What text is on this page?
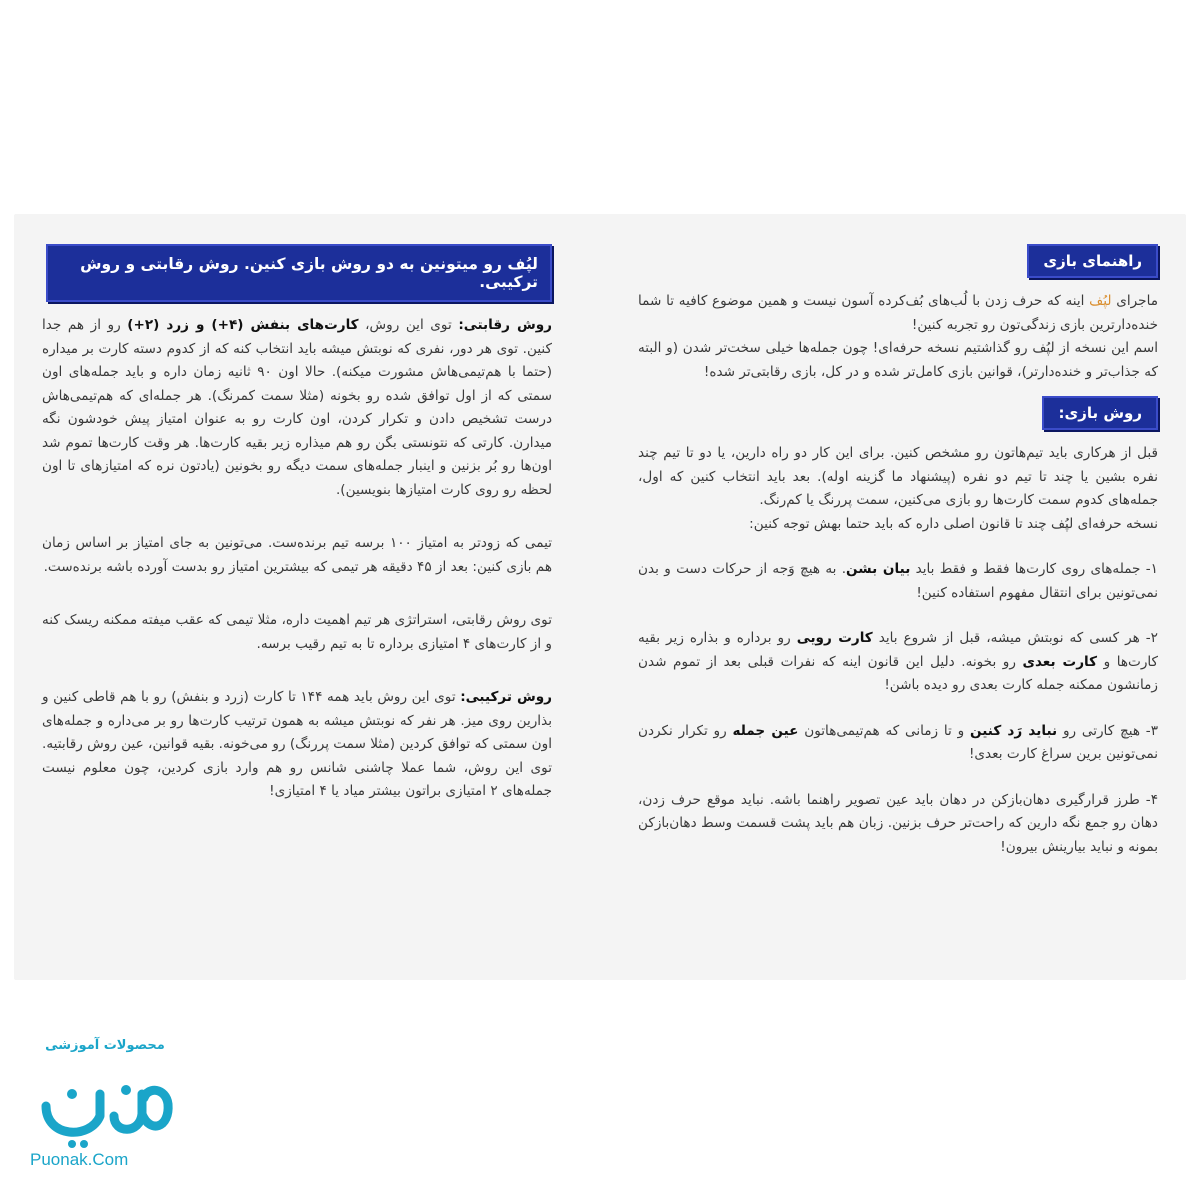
راهنمای بازی

ماجرای لپُف اینه که حرف زدن با لُب‌های بُف‌کرده آسون نیست و همین موضوع کافیه تا شما خنده‌دارترین بازی زندگی‌تون رو تجربه کنین!

اسم این نسخه از لپُف رو گذاشتیم نسخه حرفه‌ای! چون جمله‌ها خیلی سخت‌تر شدن (و البته که جذاب‌تر و خنده‌دارتر)، قوانین بازی کامل‌تر شده و در کل، بازی رقابتی‌تر شده!

روش بازی:

قبل از هرکاری باید تیم‌هاتون رو مشخص کنین. برای این کار دو راه دارین، یا دو تا تیم چند نفره بشین یا چند تا تیم دو نفره (پیشنهاد ما گزینه اوله). بعد باید انتخاب کنین که اول، جمله‌های کدوم سمت کارت‌ها رو بازی می‌کنین، سمت پررنگ یا کم‌رنگ.

نسخه حرفه‌ای لپُف چند تا قانون اصلی داره که باید حتما بهش توجه کنین:

۱- جمله‌های روی کارت‌ها فقط و فقط باید بیان بشن. به هیچ وَجه از حرکات دست و بدن نمی‌تونین برای انتقال مفهوم استفاده کنین!

۲- هر کسی که نوبتش میشه، قبل از شروع باید کارت رویی رو برداره و بذاره زیر بقیه کارت‌ها و کارت بعدی رو بخونه. دلیل این قانون اینه که نفرات قبلی بعد از تموم شدن زمانشون ممکنه جمله کارت بعدی رو دیده باشن!

۳- هیچ کارتی رو نباید رَد کنین و تا زمانی که هم‌تیمی‌هاتون عین جمله رو تکرار نکردن نمی‌تونین برین سراغ کارت بعدی!

۴- طرز قرارگیری دهان‌بازکن در دهان باید عین تصویر راهنما باشه. نباید موقع حرف زدن، دهان رو جمع نگه دارین که راحت‌تر حرف بزنین. زبان هم باید پشت قسمت وسط دهان‌بازکن بمونه و نباید بیارینش بیرون!

لپُف رو میتونین به دو روش بازی کنین. روش رقابتی و روش ترکیبی.

روش رقابتی: توی این روش، کارت‌های بنفش (۴+) و زرد (۲+) رو از هم جدا کنین. توی هر دور، نفری که نوبتش میشه باید انتخاب کنه که از کدوم دسته کارت بر میداره (حتما با هم‌تیمی‌هاش مشورت میکنه). حالا اون ۹۰ ثانیه زمان داره و باید جمله‌های اون سمتی که از اول توافق شده رو بخونه (مثلا سمت کمرنگ). هر جمله‌ای که هم‌تیمی‌هاش درست تشخیص دادن و تکرار کردن، اون کارت رو به عنوان امتیاز پیش خودشون نگه میدارن. کارتی که نتونستی بگن رو هم میذاره زیر بقیه کارت‌ها. هر وقت کارت‌ها تموم شد اون‌ها رو بُر بزنین و اینبار جمله‌های سمت دیگه رو بخونین (یادتون نره که امتیازهای تا اون لحظه رو روی کارت امتیازها بنویسین).

تیمی که زودتر به امتیاز ۱۰۰ برسه تیم برنده‌ست. می‌تونین به جای امتیاز بر اساس زمان هم بازی کنین: بعد از ۴۵ دقیقه هر تیمی که بیشترین امتیاز رو بدست آورده باشه برنده‌ست.

توی روش رقابتی، استراتژی هر تیم اهمیت داره، مثلا تیمی که عقب میفته ممکنه ریسک کنه و از کارت‌های ۴ امتیازی برداره تا به تیم رقیب برسه.

روش ترکیبی: توی این روش باید همه ۱۴۴ تا کارت (زرد و بنفش) رو با هم قاطی کنین و بذارین روی میز. هر نفر که نوبتش میشه به همون ترتیب کارت‌ها رو بر می‌داره و جمله‌های اون سمتی که توافق کردین (مثلا سمت پررنگ) رو می‌خونه. بقیه قوانین، عین روش رقابتیه. توی این روش، شما عملا چاشنی شانس رو هم وارد بازی کردین، چون معلوم نیست جمله‌های ۲ امتیازی براتون بیشتر میاد یا ۴ امتیازی!

محصولات آموزشی
Puonak.Com
